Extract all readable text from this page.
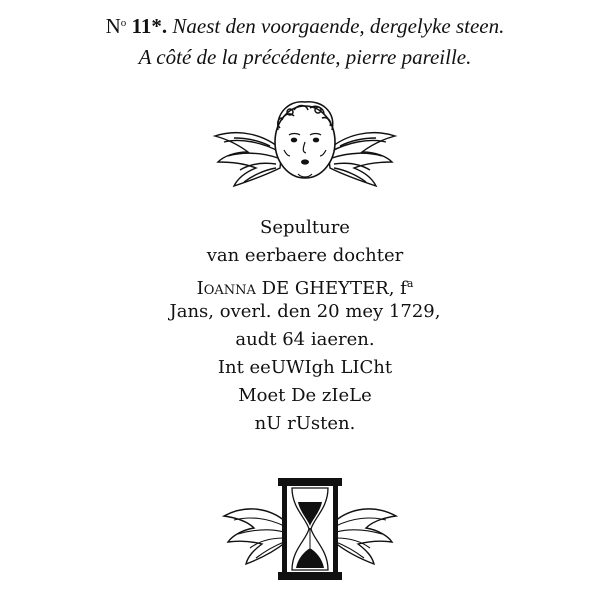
$N^o$ 11*. Naest den voorgaende, dergelyke steen.
A côté de la précédente, pierre pareille.
Sepulture
van eerbaere dochter
Ioanna DE GHEYTER, $f^a$
Jans, overl. den 20 mey 1729,
audt 64 iaeren.
Int eeUWIgh LICht
Moet De zIeLe
nU rUsten.
